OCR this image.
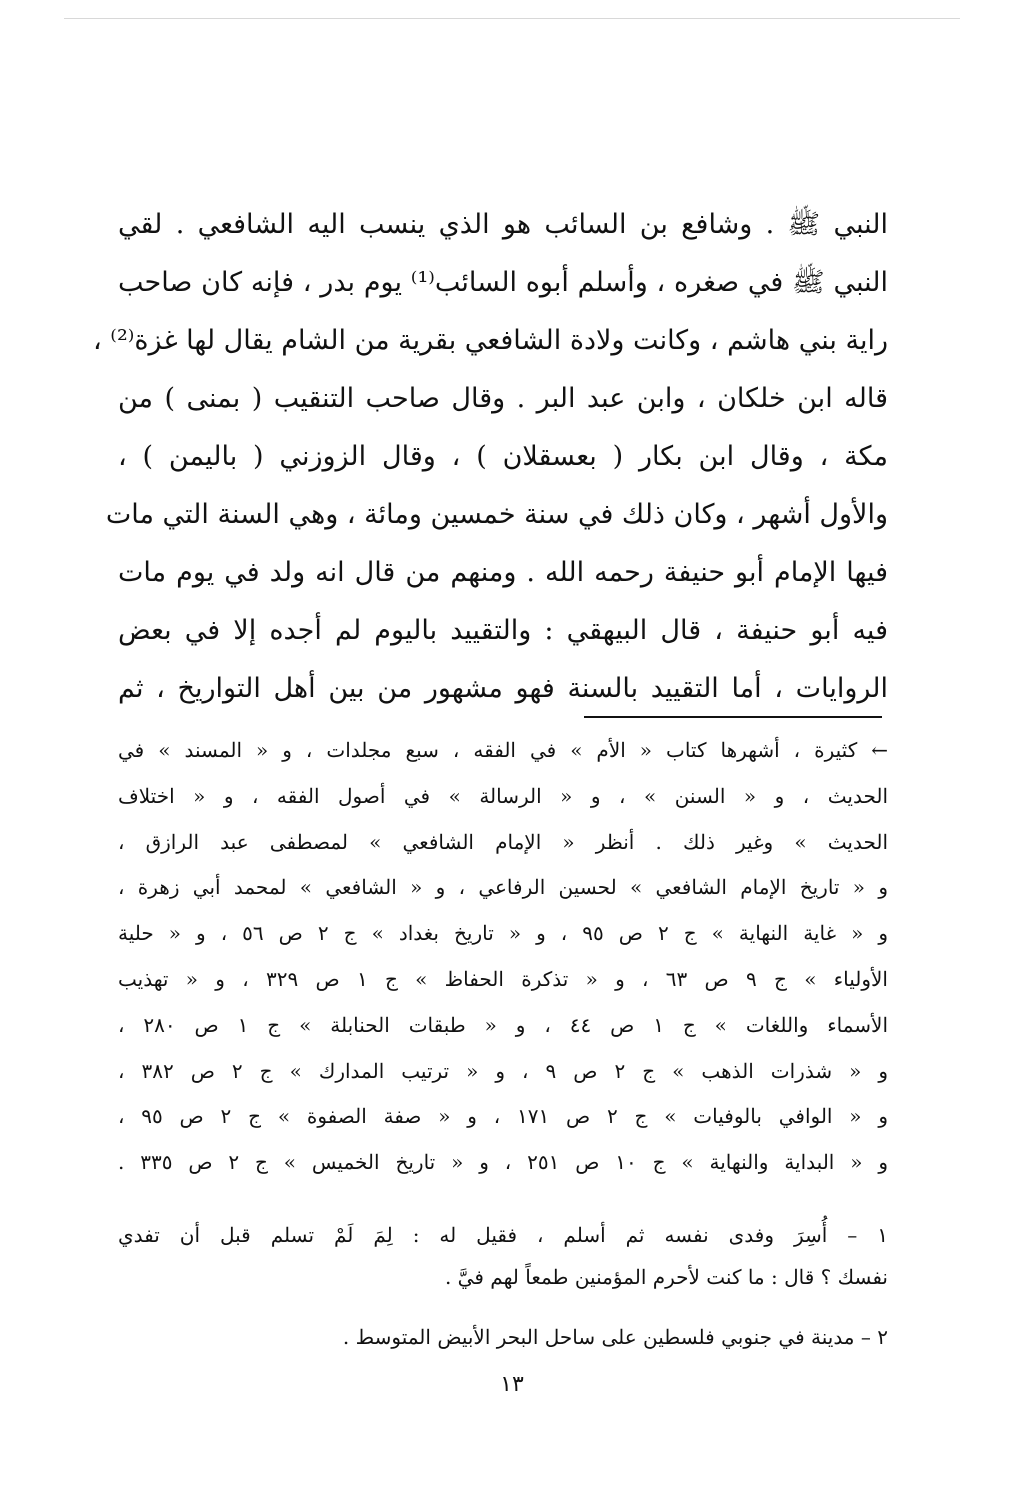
النبي ﷺ . وشافع بن السائب هو الذي ينسب اليه الشافعي . لقي
النبي ﷺ في صغره ، وأسلم أبوه السائب⁽¹⁾ يوم بدر ، فإنه كان صاحب
راية بني هاشم ، وكانت ولادة الشافعي بقرية من الشام يقال لها غزة⁽²⁾ ،
قاله ابن خلكان ، وابن عبد البر . وقال صاحب التنقيب ( بمنى ) من
مكة ، وقال ابن بكار ( بعسقلان ) ، وقال الزوزني ( باليمن ) ،
والأول أشهر ، وكان ذلك في سنة خمسين ومائة ، وهي السنة التي مات
فيها الإمام أبو حنيفة رحمه الله . ومنهم من قال انه ولد في يوم مات
فيه أبو حنيفة ، قال البيهقي : والتقييد باليوم لم أجده إلا في بعض
الروايات ، أما التقييد بالسنة فهو مشهور من بين أهل التواريخ ، ثم
← كثيرة ، أشهرها كتاب « الأم » في الفقه ، سبع مجلدات ، و « المسند » في
الحديث ، و « السنن » ، و « الرسالة » في أصول الفقه ، و « اختلاف
الحديث » وغير ذلك . أنظر « الإمام الشافعي » لمصطفى عبد الرازق ،
و « تاريخ الإمام الشافعي » لحسين الرفاعي ، و « الشافعي » لمحمد أبي زهرة ،
و « غاية النهاية » ج ٢ ص ٩٥ ، و « تاريخ بغداد » ج ٢ ص ٥٦ ، و « حلية
الأولياء » ج ٩ ص ٦٣ ، و « تذكرة الحفاظ » ج ١ ص ٣٢٩ ، و « تهذيب
الأسماء واللغات » ج ١ ص ٤٤ ، و « طبقات الحنابلة » ج ١ ص ٢٨٠ ،
و « شذرات الذهب » ج ٢ ص ٩ ، و « ترتيب المدارك » ج ٢ ص ٣٨٢ ،
و « الوافي بالوفيات » ج ٢ ص ١٧١ ، و « صفة الصفوة » ج ٢ ص ٩٥ ،
و « البداية والنهاية » ج ١٠ ص ٢٥١ ، و « تاريخ الخميس » ج ٢ ص ٣٣٥ .
١ – أُسِرَ وفدى نفسه ثم أسلم ، فقيل له : لِمَ لَمْ تسلم قبل أن تفدي
نفسك ؟ قال : ما كنت لأحرم المؤمنين طمعاً لهم فيَّ .
٢ – مدينة في جنوبي فلسطين على ساحل البحر الأبيض المتوسط .
١٣
